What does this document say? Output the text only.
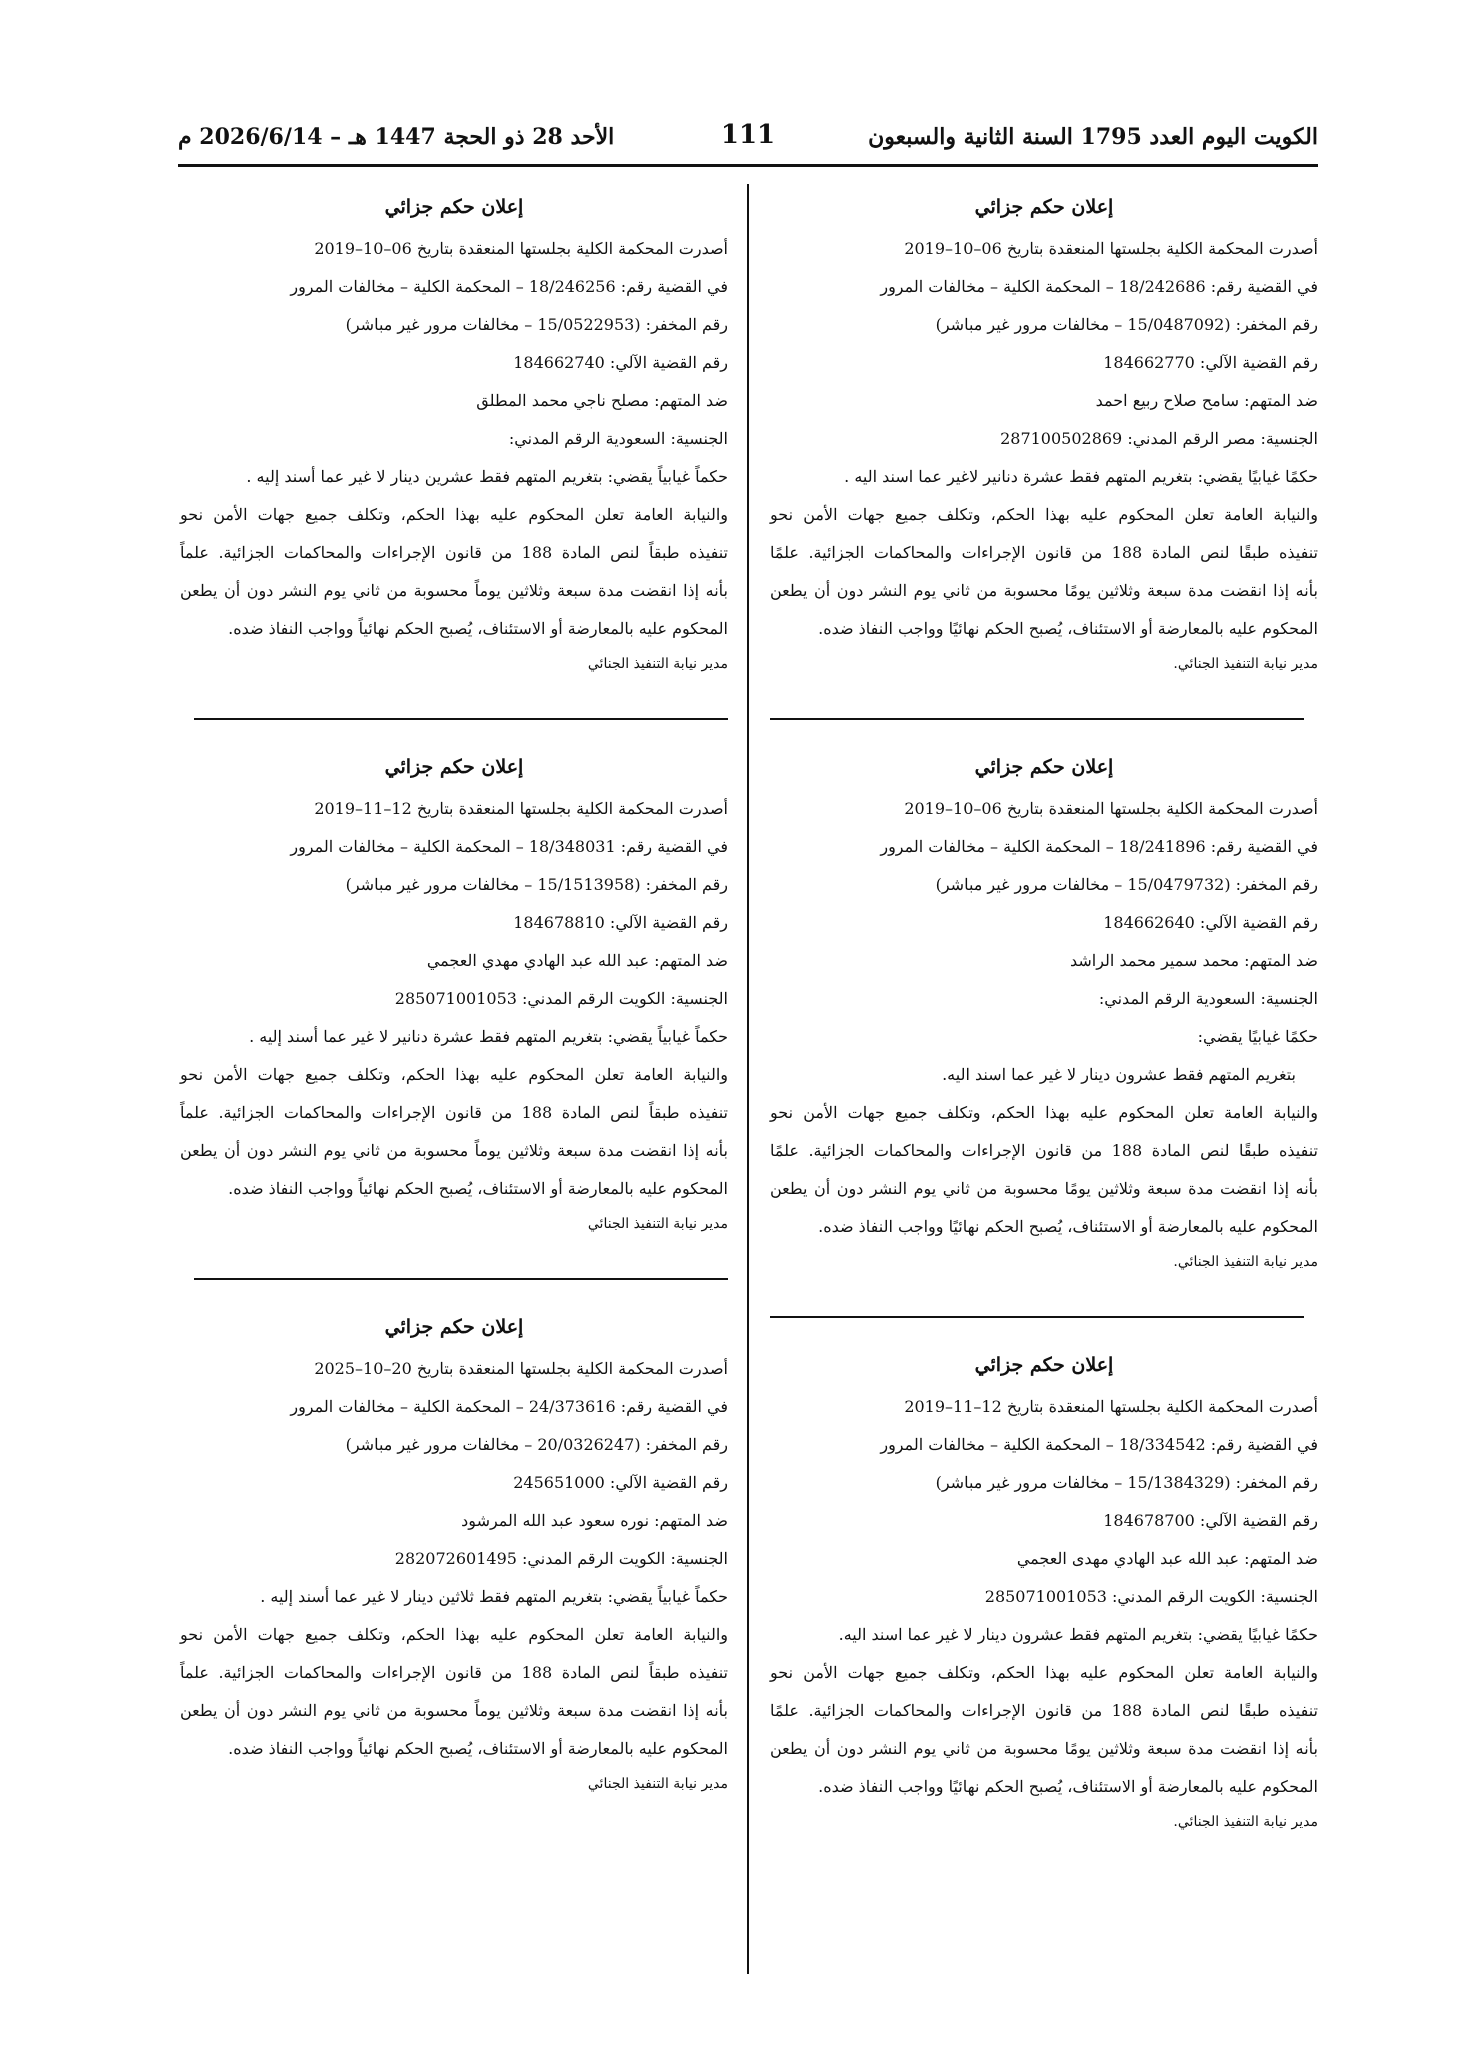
الأحد 28 ذو الحجة 1447 هـ – 2026/6/14 م	111	الكويت اليوم العدد 1795 السنة الثانية والسبعون
إعلان حكم جزائي
أصدرت المحكمة الكلية بجلستها المنعقدة بتاريخ 06–10–2019
في القضية رقم: 18/242686 – المحكمة الكلية – مخالفات المرور
رقم المخفر: (15/0487092 – مخالفات مرور غير مباشر)
رقم القضية الآلي: 184662770
ضد المتهم: سامح صلاح ربيع احمد
الجنسية: مصر الرقم المدني: 287100502869
حكمًا غيابيًا يقضي: بتغريم المتهم فقط عشرة دنانير لاغير عما اسند اليه .
والنيابة العامة تعلن المحكوم عليه بهذا الحكم، وتكلف جميع جهات الأمن نحو
تنفيذه طبقًا لنص المادة 188 من قانون الإجراءات والمحاكمات الجزائية. علمًا
بأنه إذا انقضت مدة سبعة وثلاثين يومًا محسوبة من ثاني يوم النشر دون أن يطعن
المحكوم عليه بالمعارضة أو الاستئناف، يُصبح الحكم نهائيًا وواجب النفاذ ضده.
مدير نيابة التنفيذ الجنائي.
إعلان حكم جزائي
أصدرت المحكمة الكلية بجلستها المنعقدة بتاريخ 06–10–2019
في القضية رقم: 18/241896 – المحكمة الكلية – مخالفات المرور
رقم المخفر: (15/0479732 – مخالفات مرور غير مباشر)
رقم القضية الآلي: 184662640
ضد المتهم: محمد سمير محمد الراشد
الجنسية: السعودية الرقم المدني:
حكمًا غيابيًا يقضي:
بتغريم المتهم فقط عشرون دينار لا غير عما اسند اليه.
والنيابة العامة تعلن المحكوم عليه بهذا الحكم، وتكلف جميع جهات الأمن نحو
تنفيذه طبقًا لنص المادة 188 من قانون الإجراءات والمحاكمات الجزائية. علمًا
بأنه إذا انقضت مدة سبعة وثلاثين يومًا محسوبة من ثاني يوم النشر دون أن يطعن
المحكوم عليه بالمعارضة أو الاستئناف، يُصبح الحكم نهائيًا وواجب النفاذ ضده.
مدير نيابة التنفيذ الجنائي.
إعلان حكم جزائي
أصدرت المحكمة الكلية بجلستها المنعقدة بتاريخ 12–11–2019
في القضية رقم: 18/334542 – المحكمة الكلية – مخالفات المرور
رقم المخفر: (15/1384329 – مخالفات مرور غير مباشر)
رقم القضية الآلي: 184678700
ضد المتهم: عبد الله عبد الهادي مهدى العجمي
الجنسية: الكويت الرقم المدني: 285071001053
حكمًا غيابيًا يقضي: بتغريم المتهم فقط عشرون دينار لا غير عما اسند اليه.
والنيابة العامة تعلن المحكوم عليه بهذا الحكم، وتكلف جميع جهات الأمن نحو
تنفيذه طبقًا لنص المادة 188 من قانون الإجراءات والمحاكمات الجزائية. علمًا
بأنه إذا انقضت مدة سبعة وثلاثين يومًا محسوبة من ثاني يوم النشر دون أن يطعن
المحكوم عليه بالمعارضة أو الاستئناف، يُصبح الحكم نهائيًا وواجب النفاذ ضده.
مدير نيابة التنفيذ الجنائي.
إعلان حكم جزائي
أصدرت المحكمة الكلية بجلستها المنعقدة بتاريخ 06–10–2019
في القضية رقم: 18/246256 – المحكمة الكلية – مخالفات المرور
رقم المخفر: (15/0522953 – مخالفات مرور غير مباشر)
رقم القضية الآلي: 184662740
ضد المتهم: مصلح ناجي محمد المطلق
الجنسية: السعودية الرقم المدني:
حكماً غيابياً يقضي: بتغريم المتهم فقط عشرين دينار لا غير عما أسند إليه .
والنيابة العامة تعلن المحكوم عليه بهذا الحكم، وتكلف جميع جهات الأمن نحو
تنفيذه طبقاً لنص المادة 188 من قانون الإجراءات والمحاكمات الجزائية. علماً
بأنه إذا انقضت مدة سبعة وثلاثين يوماً محسوبة من ثاني يوم النشر دون أن يطعن
المحكوم عليه بالمعارضة أو الاستئناف، يُصبح الحكم نهائياً وواجب النفاذ ضده.
مدير نيابة التنفيذ الجنائي
إعلان حكم جزائي
أصدرت المحكمة الكلية بجلستها المنعقدة بتاريخ 12–11–2019
في القضية رقم: 18/348031 – المحكمة الكلية – مخالفات المرور
رقم المخفر: (15/1513958 – مخالفات مرور غير مباشر)
رقم القضية الآلي: 184678810
ضد المتهم: عبد الله عبد الهادي مهدي العجمي
الجنسية: الكويت الرقم المدني: 285071001053
حكماً غيابياً يقضي: بتغريم المتهم فقط عشرة دنانير لا غير عما أسند إليه .
والنيابة العامة تعلن المحكوم عليه بهذا الحكم، وتكلف جميع جهات الأمن نحو
تنفيذه طبقاً لنص المادة 188 من قانون الإجراءات والمحاكمات الجزائية. علماً
بأنه إذا انقضت مدة سبعة وثلاثين يوماً محسوبة من ثاني يوم النشر دون أن يطعن
المحكوم عليه بالمعارضة أو الاستئناف، يُصبح الحكم نهائياً وواجب النفاذ ضده.
مدير نيابة التنفيذ الجنائي
إعلان حكم جزائي
أصدرت المحكمة الكلية بجلستها المنعقدة بتاريخ 20–10–2025
في القضية رقم: 24/373616 – المحكمة الكلية – مخالفات المرور
رقم المخفر: (20/0326247 – مخالفات مرور غير مباشر)
رقم القضية الآلي: 245651000
ضد المتهم: نوره سعود عبد الله المرشود
الجنسية: الكويت الرقم المدني: 282072601495
حكماً غيابياً يقضي: بتغريم المتهم فقط ثلاثين دينار لا غير عما أسند إليه .
والنيابة العامة تعلن المحكوم عليه بهذا الحكم، وتكلف جميع جهات الأمن نحو
تنفيذه طبقاً لنص المادة 188 من قانون الإجراءات والمحاكمات الجزائية. علماً
بأنه إذا انقضت مدة سبعة وثلاثين يوماً محسوبة من ثاني يوم النشر دون أن يطعن
المحكوم عليه بالمعارضة أو الاستئناف، يُصبح الحكم نهائياً وواجب النفاذ ضده.
مدير نيابة التنفيذ الجنائي
